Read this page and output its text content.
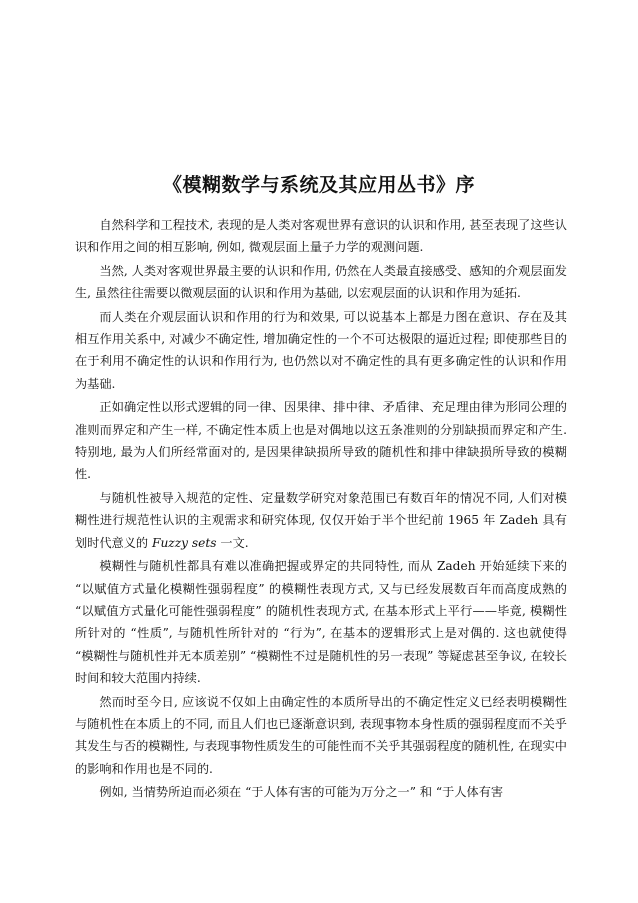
《模糊数学与系统及其应用丛书》序

自然科学和工程技术, 表现的是人类对客观世界有意识的认识和作用, 甚至表现了这些认识和作用之间的相互影响, 例如, 微观层面上量子力学的观测问题.

当然, 人类对客观世界最主要的认识和作用, 仍然在人类最直接感受、感知的介观层面发生, 虽然往往需要以微观层面的认识和作用为基础, 以宏观层面的认识和作用为延拓.

而人类在介观层面认识和作用的行为和效果, 可以说基本上都是力图在意识、存在及其相互作用关系中, 对减少不确定性, 增加确定性的一个不可达极限的逼近过程; 即使那些目的在于利用不确定性的认识和作用行为, 也仍然以对不确定性的具有更多确定性的认识和作用为基础.

正如确定性以形式逻辑的同一律、因果律、排中律、矛盾律、充足理由律为形同公理的准则而界定和产生一样, 不确定性本质上也是对偶地以这五条准则的分别缺损而界定和产生. 特别地, 最为人们所经常面对的, 是因果律缺损所导致的随机性和排中律缺损所导致的模糊性.

与随机性被导入规范的定性、定量数学研究对象范围已有数百年的情况不同, 人们对模糊性进行规范性认识的主观需求和研究体现, 仅仅开始于半个世纪前 1965 年 Zadeh 具有划时代意义的 Fuzzy sets 一文.

模糊性与随机性都具有难以准确把握或界定的共同特性, 而从 Zadeh 开始延续下来的 “以赋值方式量化模糊性强弱程度” 的模糊性表现方式, 又与已经发展数百年而高度成熟的 “以赋值方式量化可能性强弱程度” 的随机性表现方式, 在基本形式上平行——毕竟, 模糊性所针对的 “性质”, 与随机性所针对的 “行为”, 在基本的逻辑形式上是对偶的. 这也就使得 “模糊性与随机性并无本质差别” “模糊性不过是随机性的另一表现” 等疑虑甚至争议, 在较长时间和较大范围内持续.

然而时至今日, 应该说不仅如上由确定性的本质所导出的不确定性定义已经表明模糊性与随机性在本质上的不同, 而且人们也已逐渐意识到, 表现事物本身性质的强弱程度而不关乎其发生与否的模糊性, 与表现事物性质发生的可能性而不关乎其强弱程度的随机性, 在现实中的影响和作用也是不同的.

例如, 当情势所迫而必须在 “于人体有害的可能为万分之一” 和 “于人体有害
